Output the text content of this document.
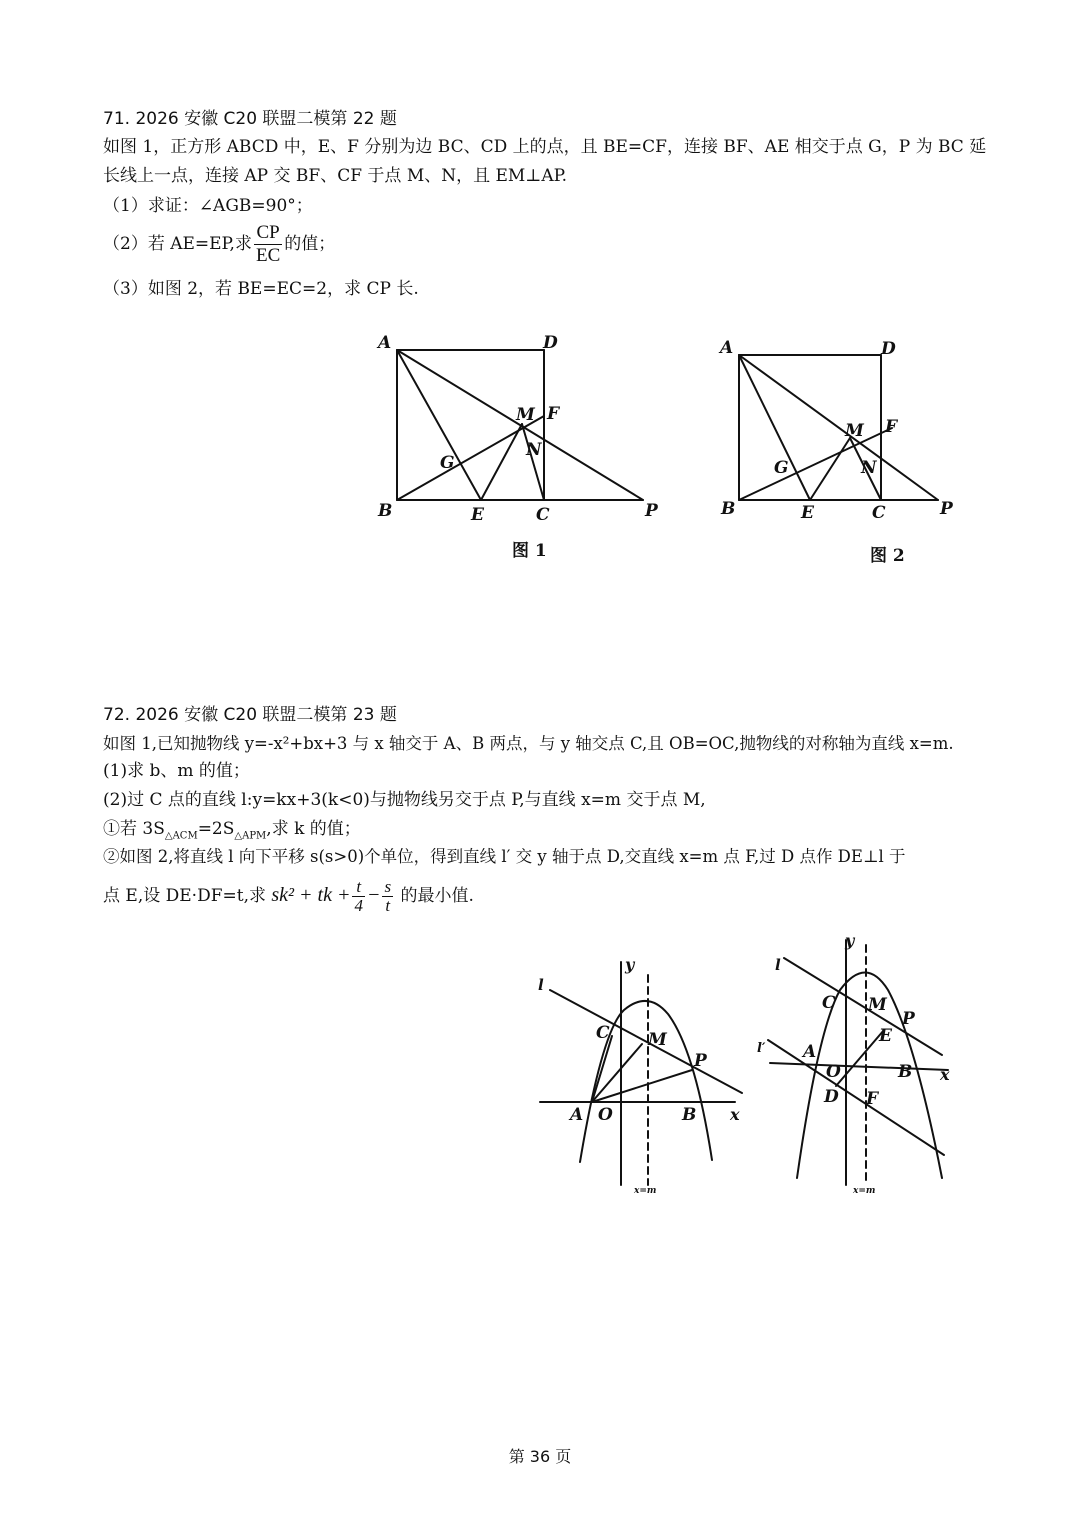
71. 2026 安徽 C20 联盟二模第 22 题
如图 1，正方形 ABCD 中，E、F 分别为边 BC、CD 上的点，且 BE=CF，连接 BF、AE 相交于点 G，P 为 BC 延
长线上一点，连接 AP 交 BF、CF 于点 M、N，且 EM⊥AP.
（1）求证：∠AGB=90°；
（2）若 AE=EP,求 $\frac{CP}{EC}$ 的值；
（3）如图 2，若 BE=EC=2，求 CP 长.
A	D
B	E	C	P
M F
N
G
图 1
A	D
B	E	C	P
M F
N
G
图 2
72. 2026 安徽 C20 联盟二模第 23 题
如图 1,已知抛物线 y=-x²+bx+3 与 x 轴交于 A、B 两点，与 y 轴交点 C,且 OB=OC,抛物线的对称轴为直线 x=m.
(1)求 b、m 的值；
(2)过 C 点的直线 l:y=kx+3(k<0)与抛物线另交于点 P,与直线 x=m 交于点 M,
①若 $3S_{\triangle ACM}=2S_{\triangle APM}$,求 k 的值；
②如图 2,将直线 l 向下平移 s(s>0)个单位，得到直线 l′ 交 y 轴于点 D,交直线 x=m 点 F,过 D 点作 DE⊥l 于
点 E,设 DE·DF=t,求 sk² + tk + $\frac{t}{4} - \frac{s}{t}$ 的最小值.
l
y
x
C M
P
A O	B
x=m
l
l′
y
x
C M
P
E
A
O	B
D F
x=m
第 36 页
